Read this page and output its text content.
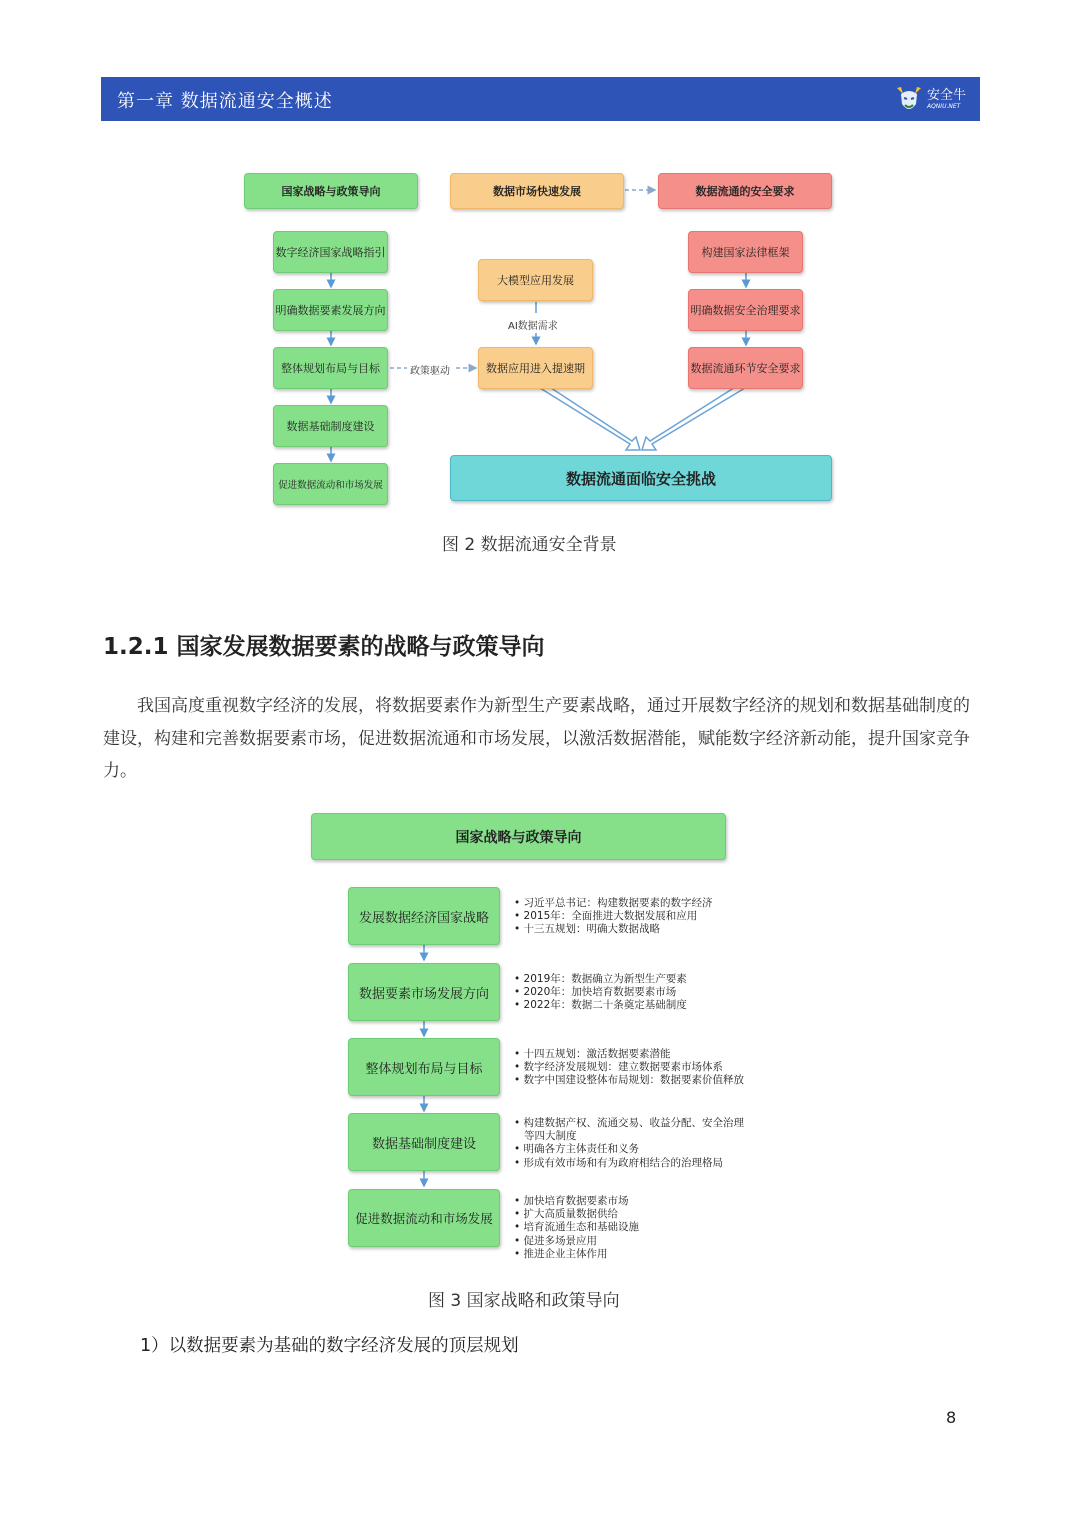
第一章 数据流通安全概述	安全牛
AQNIU.NET
国家战略与政策导向
数字经济国家战略指引
明确数据要素发展方向
整体规划布局与目标
数据基础制度建设
促进数据流动和市场发展
数据市场快速发展
大模型应用发展
AI数据需求
数据应用进入提速期
政策驱动
数据流通的安全要求
构建国家法律框架
明确数据安全治理要求
数据流通环节安全要求
数据流通面临安全挑战
图 2 数据流通安全背景
1.2.1 国家发展数据要素的战略与政策导向
我国高度重视数字经济的发展，将数据要素作为新型生产要素战略，通过开展数字经济的规划和数据基础制度的建设，构建和完善数据要素市场，促进数据流通和市场发展，以激活数据潜能，赋能数字经济新动能，提升国家竞争力。
国家战略与政策导向
发展数据经济国家战略
数据要素市场发展方向
整体规划布局与目标
数据基础制度建设
促进数据流动和市场发展
• 习近平总书记：构建数据要素的数字经济
• 2015年：全面推进大数据发展和应用
• 十三五规划：明确大数据战略
• 2019年：数据确立为新型生产要素
• 2020年：加快培育数据要素市场
• 2022年：数据二十条奠定基础制度
• 十四五规划：激活数据要素潜能
• 数字经济发展规划：建立数据要素市场体系
• 数字中国建设整体布局规划：数据要素价值释放
• 构建数据产权、流通交易、收益分配、安全治理
等四大制度
• 明确各方主体责任和义务
• 形成有效市场和有为政府相结合的治理格局
• 加快培育数据要素市场
• 扩大高质量数据供给
• 培育流通生态和基础设施
• 促进多场景应用
• 推进企业主体作用
图 3 国家战略和政策导向
1）以数据要素为基础的数字经济发展的顶层规划
8
